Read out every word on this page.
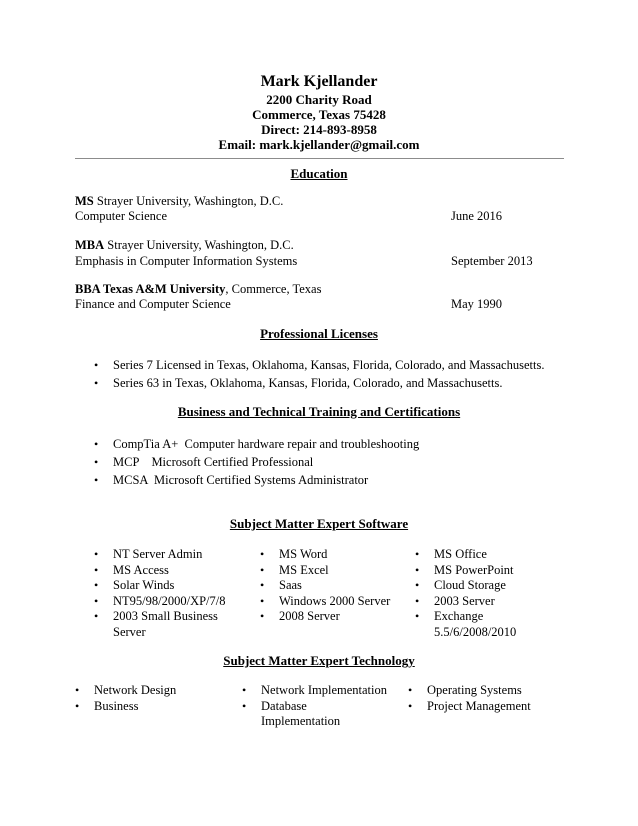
Mark Kjellander
2200 Charity Road
Commerce, Texas 75428
Direct: 214-893-8958
Email: mark.kjellander@gmail.com
Education
MS Strayer University, Washington, D.C.
Computer Science	June 2016
MBA Strayer University, Washington, D.C.
Emphasis in Computer Information Systems	September 2013
BBA Texas A&M University, Commerce, Texas
Finance and Computer Science	May 1990
Professional Licenses
• Series 7 Licensed in Texas, Oklahoma, Kansas, Florida, Colorado, and Massachusetts.
• Series 63 in Texas, Oklahoma, Kansas, Florida, Colorado, and Massachusetts.
Business and Technical Training and Certifications
• CompTia A+  Computer hardware repair and troubleshooting
• MCP    Microsoft Certified Professional
• MCSA  Microsoft Certified Systems Administrator
Subject Matter Expert Software
• NT Server Admin
• MS Access
• Solar Winds
• NT95/98/2000/XP/7/8
• 2003 Small Business
Server
• MS Word
• MS Excel
• Saas
• Windows 2000 Server
• 2008 Server
• MS Office
• MS PowerPoint
• Cloud Storage
• 2003 Server
• Exchange
5.5/6/2008/2010
Subject Matter Expert Technology
• Network Design
• Business
• Network Implementation
• Database
Implementation
• Operating Systems
• Project Management
